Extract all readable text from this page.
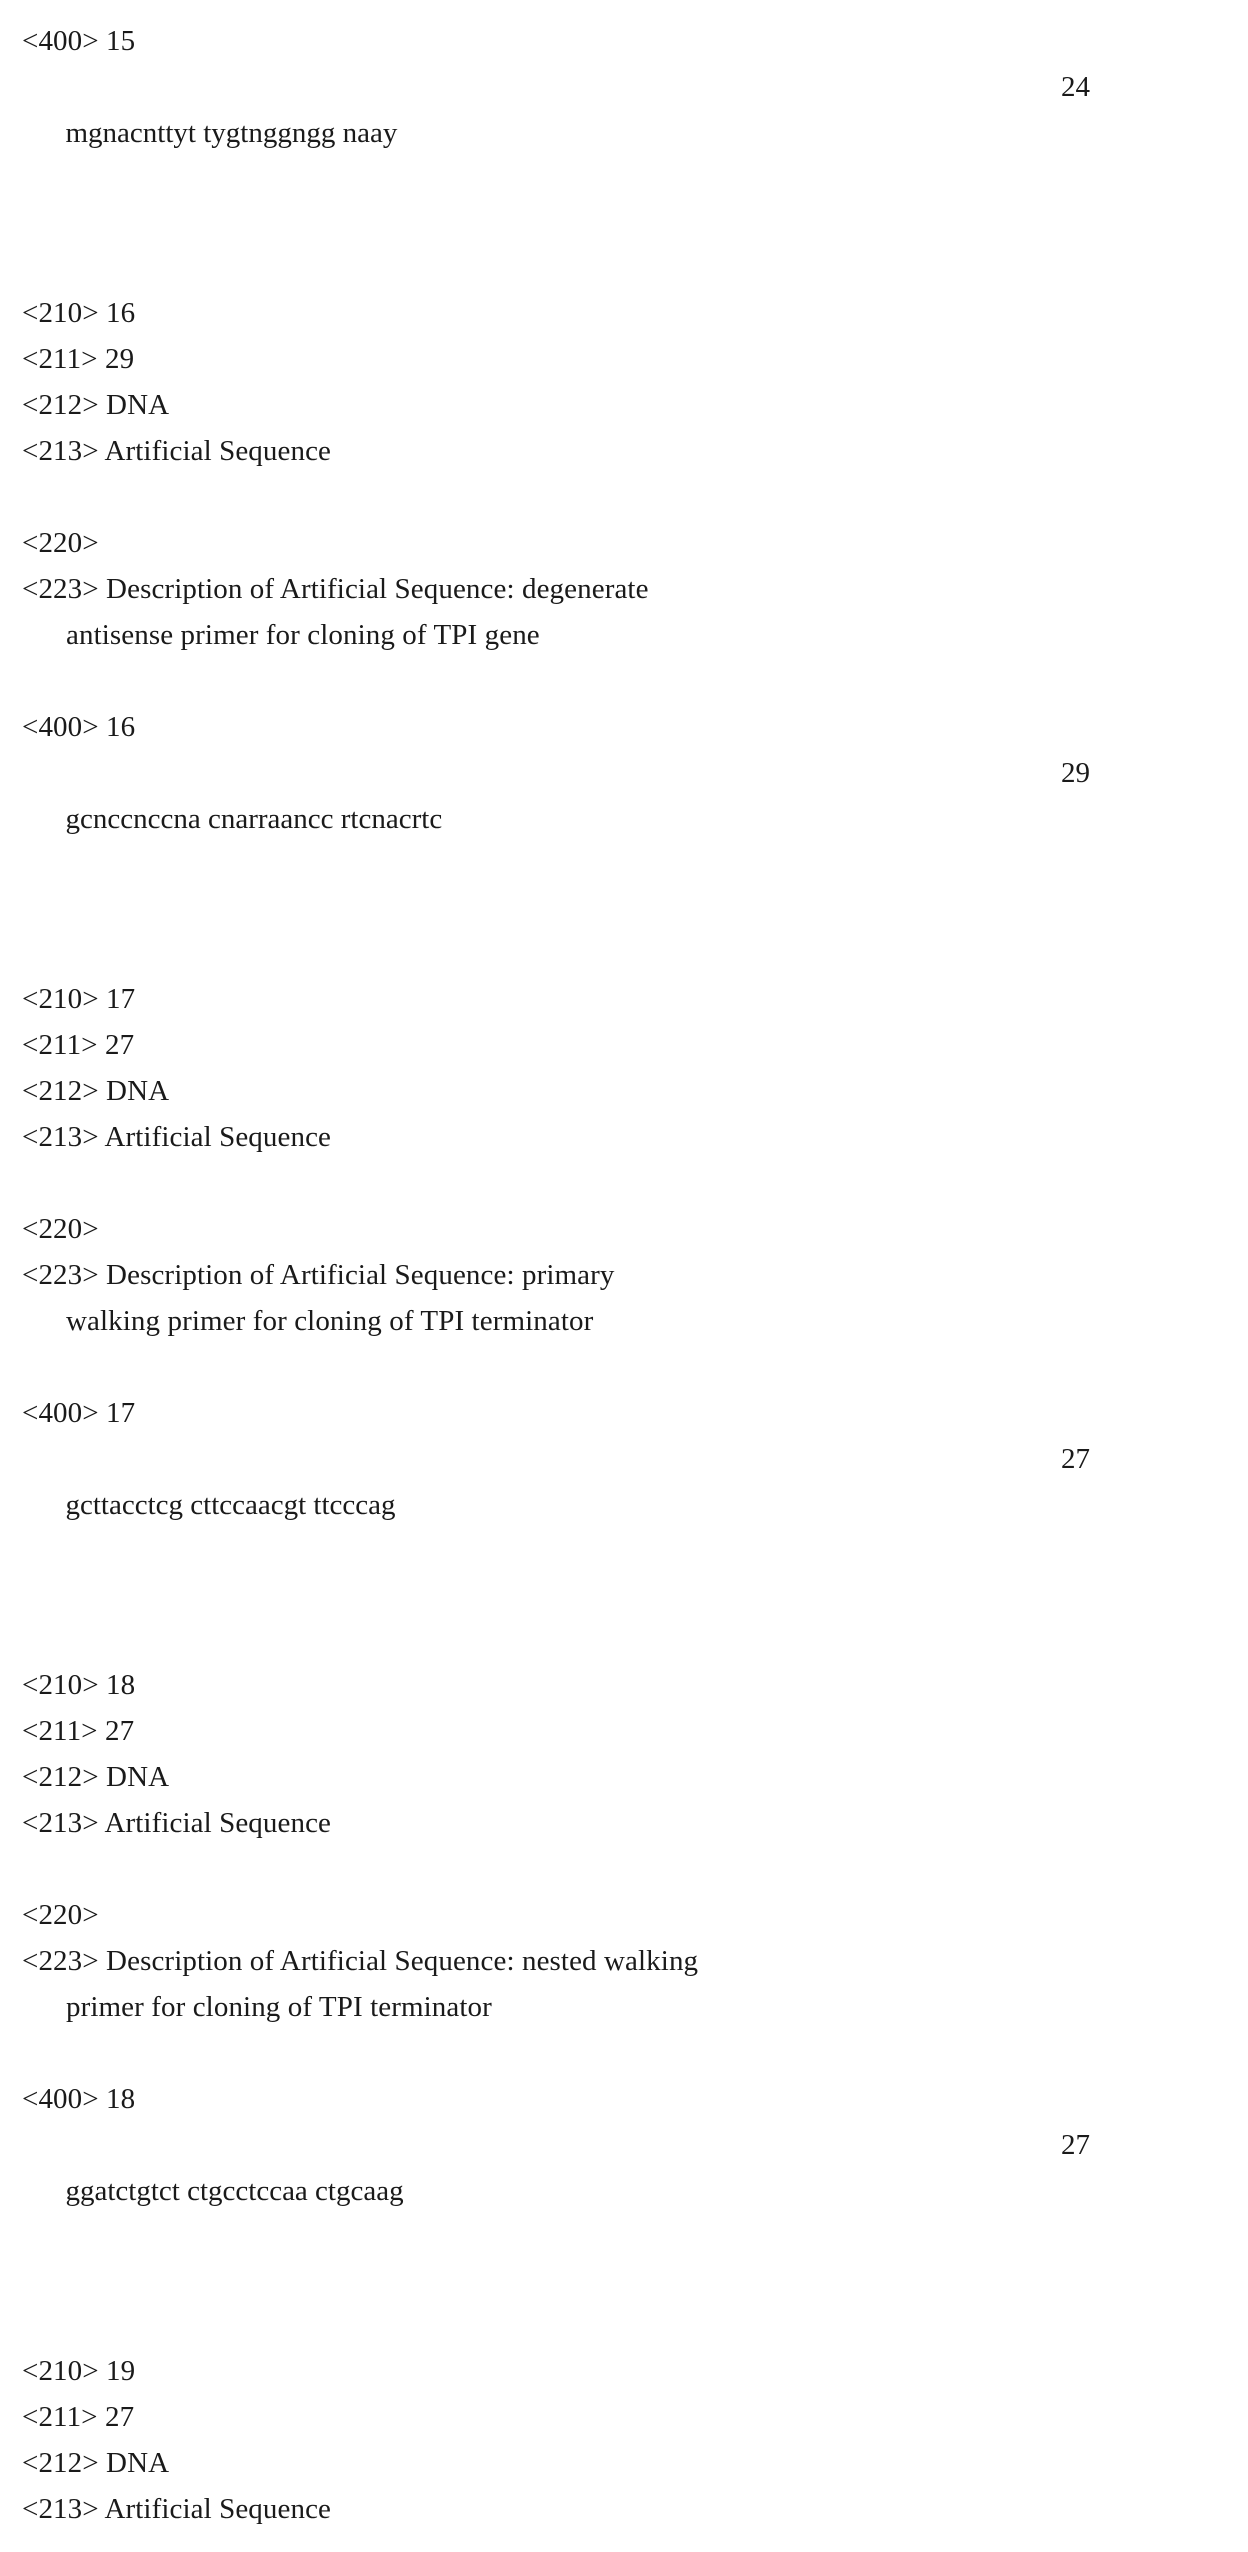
<400> 15

mgnacnttyt tygtnggngg naay
24

<210> 16
<211> 29
<212> DNA
<213> Artificial Sequence
<220>
<223> Description of Artificial Sequence: degenerate
antisense primer for cloning of TPI gene
<400> 16

gcnccnccna cnarraancc rtcnacrtc
29

<210> 17
<211> 27
<212> DNA
<213> Artificial Sequence
<220>
<223> Description of Artificial Sequence: primary
walking primer for cloning of TPI terminator
<400> 17

gcttacctcg cttccaacgt ttcccag
27

<210> 18
<211> 27
<212> DNA
<213> Artificial Sequence
<220>
<223> Description of Artificial Sequence: nested walking
primer for cloning of TPI terminator
<400> 18

ggatctgtct ctgcctccaa ctgcaag
27

<210> 19
<211> 27
<212> DNA
<213> Artificial Sequence
